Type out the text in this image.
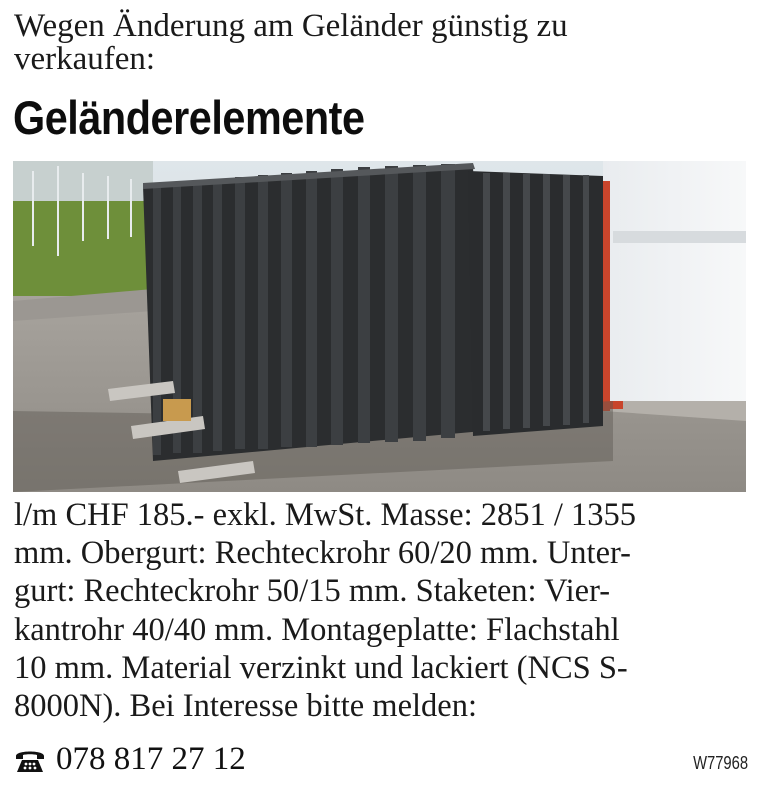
Wegen Änderung am Geländer günstig zu
verkaufen:
Geländerelemente
l/m CHF 185.- exkl. MwSt. Masse: 2851 / 1355
mm. Obergurt: Rechteckrohr 60/20 mm. Unter-
gurt: Rechteckrohr 50/15 mm. Staketen: Vier-
kantrohr 40/40 mm. Montageplatte: Flachstahl
10 mm. Material verzinkt und lackiert (NCS S-
8000N). Bei Interesse bitte melden:
078 817 27 12	W77968
